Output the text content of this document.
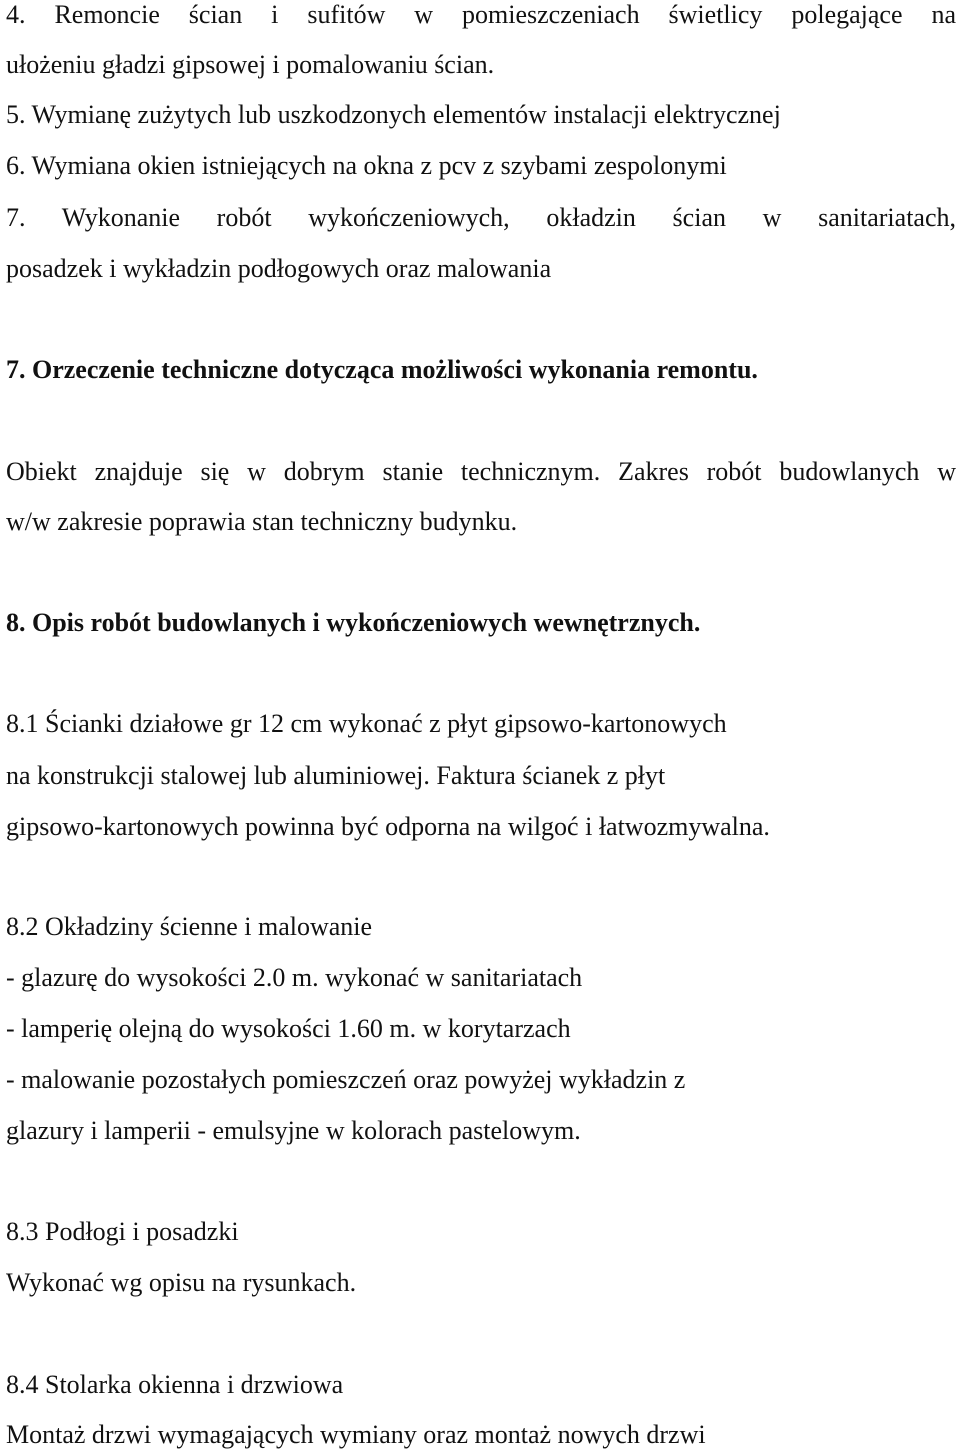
4. Remoncie ścian i sufitów w pomieszczeniach świetlicy polegające na
ułożeniu gładzi gipsowej i pomalowaniu ścian.
5. Wymianę zużytych lub uszkodzonych elementów instalacji elektrycznej
6. Wymiana okien istniejących na okna z pcv z szybami zespolonymi
7. Wykonanie robót wykończeniowych, okładzin ścian w sanitariatach,
posadzek i wykładzin podłogowych oraz malowania
7. Orzeczenie techniczne dotycząca możliwości wykonania remontu.
Obiekt znajduje się w dobrym stanie technicznym. Zakres robót budowlanych w
w/w zakresie poprawia stan techniczny budynku.
8. Opis robót budowlanych i wykończeniowych wewnętrznych.
8.1 Ścianki działowe gr 12 cm wykonać z płyt gipsowo-kartonowych
na konstrukcji stalowej lub aluminiowej. Faktura ścianek z płyt
gipsowo-kartonowych powinna być odporna na wilgoć i łatwozmywalna.
8.2 Okładziny ścienne i malowanie
- glazurę do wysokości 2.0 m. wykonać w sanitariatach
- lamperię olejną do wysokości 1.60 m. w korytarzach
- malowanie pozostałych pomieszczeń oraz powyżej wykładzin z
glazury i lamperii - emulsyjne w kolorach pastelowym.
8.3 Podłogi i posadzki
Wykonać wg opisu na rysunkach.
8.4 Stolarka okienna i drzwiowa
Montaż drzwi wymagających wymiany oraz montaż nowych drzwi
